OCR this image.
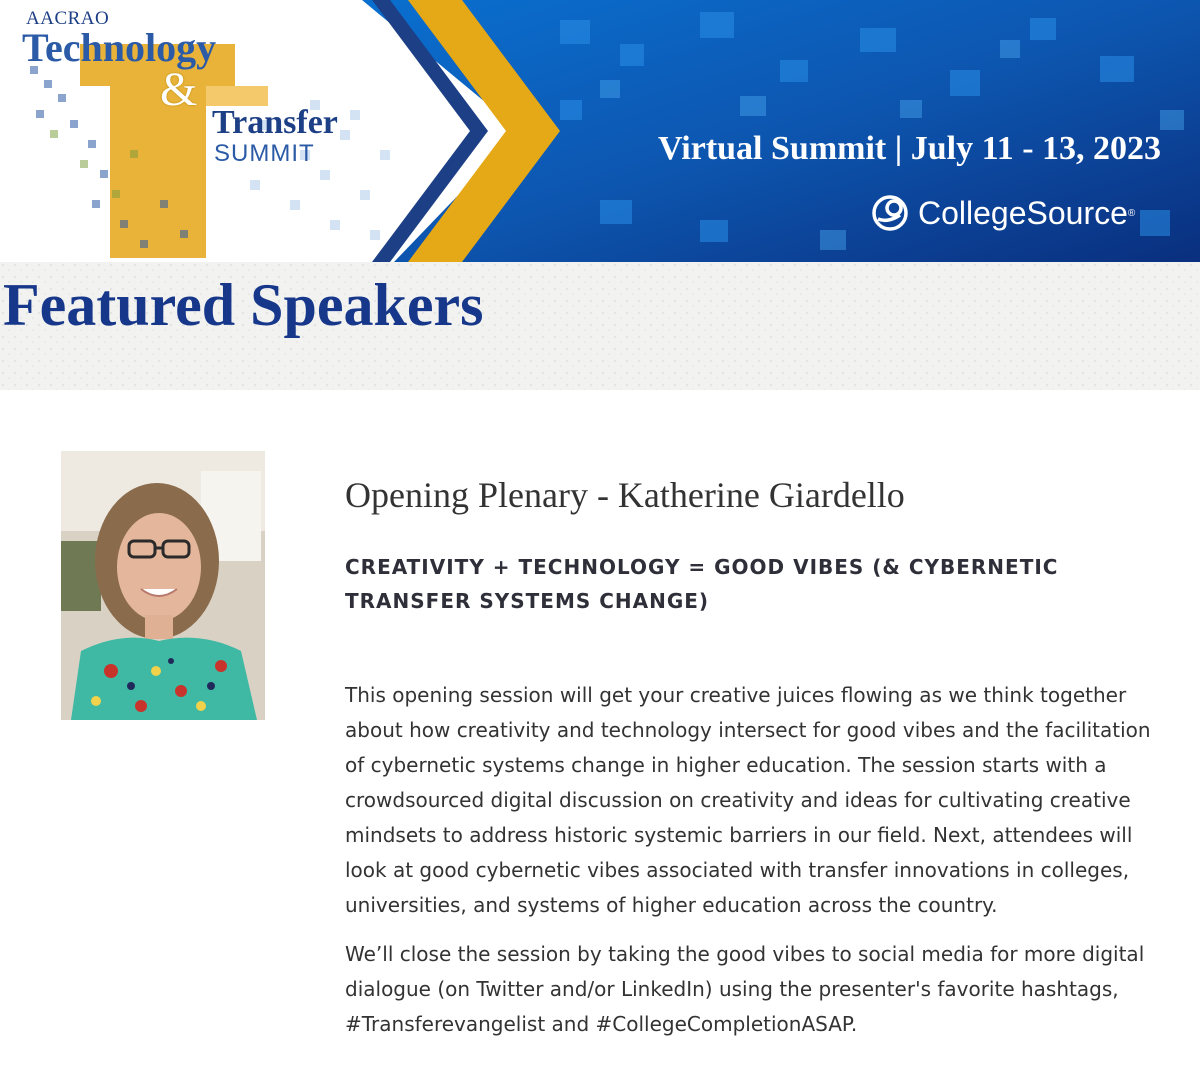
AACRAO
Technology
&
Transfer
SUMMIT	Virtual Summit | July 11 - 13, 2023
CollegeSource ®
Featured Speakers
Opening Plenary - Katherine Giardello
CREATIVITY + TECHNOLOGY = GOOD VIBES (& CYBERNETIC TRANSFER SYSTEMS CHANGE)

This opening session will get your creative juices flowing as we think together about how creativity and technology intersect for good vibes and the facilitation of cybernetic systems change in higher education. The session starts with a crowdsourced digital discussion on creativity and ideas for cultivating creative mindsets to address historic systemic barriers in our field. Next, attendees will look at good cybernetic vibes associated with transfer innovations in colleges, universities, and systems of higher education across the country.

We’ll close the session by taking the good vibes to social media for more digital dialogue (on Twitter and/or LinkedIn) using the presenter's favorite hashtags, #Transferevangelist and #CollegeCompletionASAP.
